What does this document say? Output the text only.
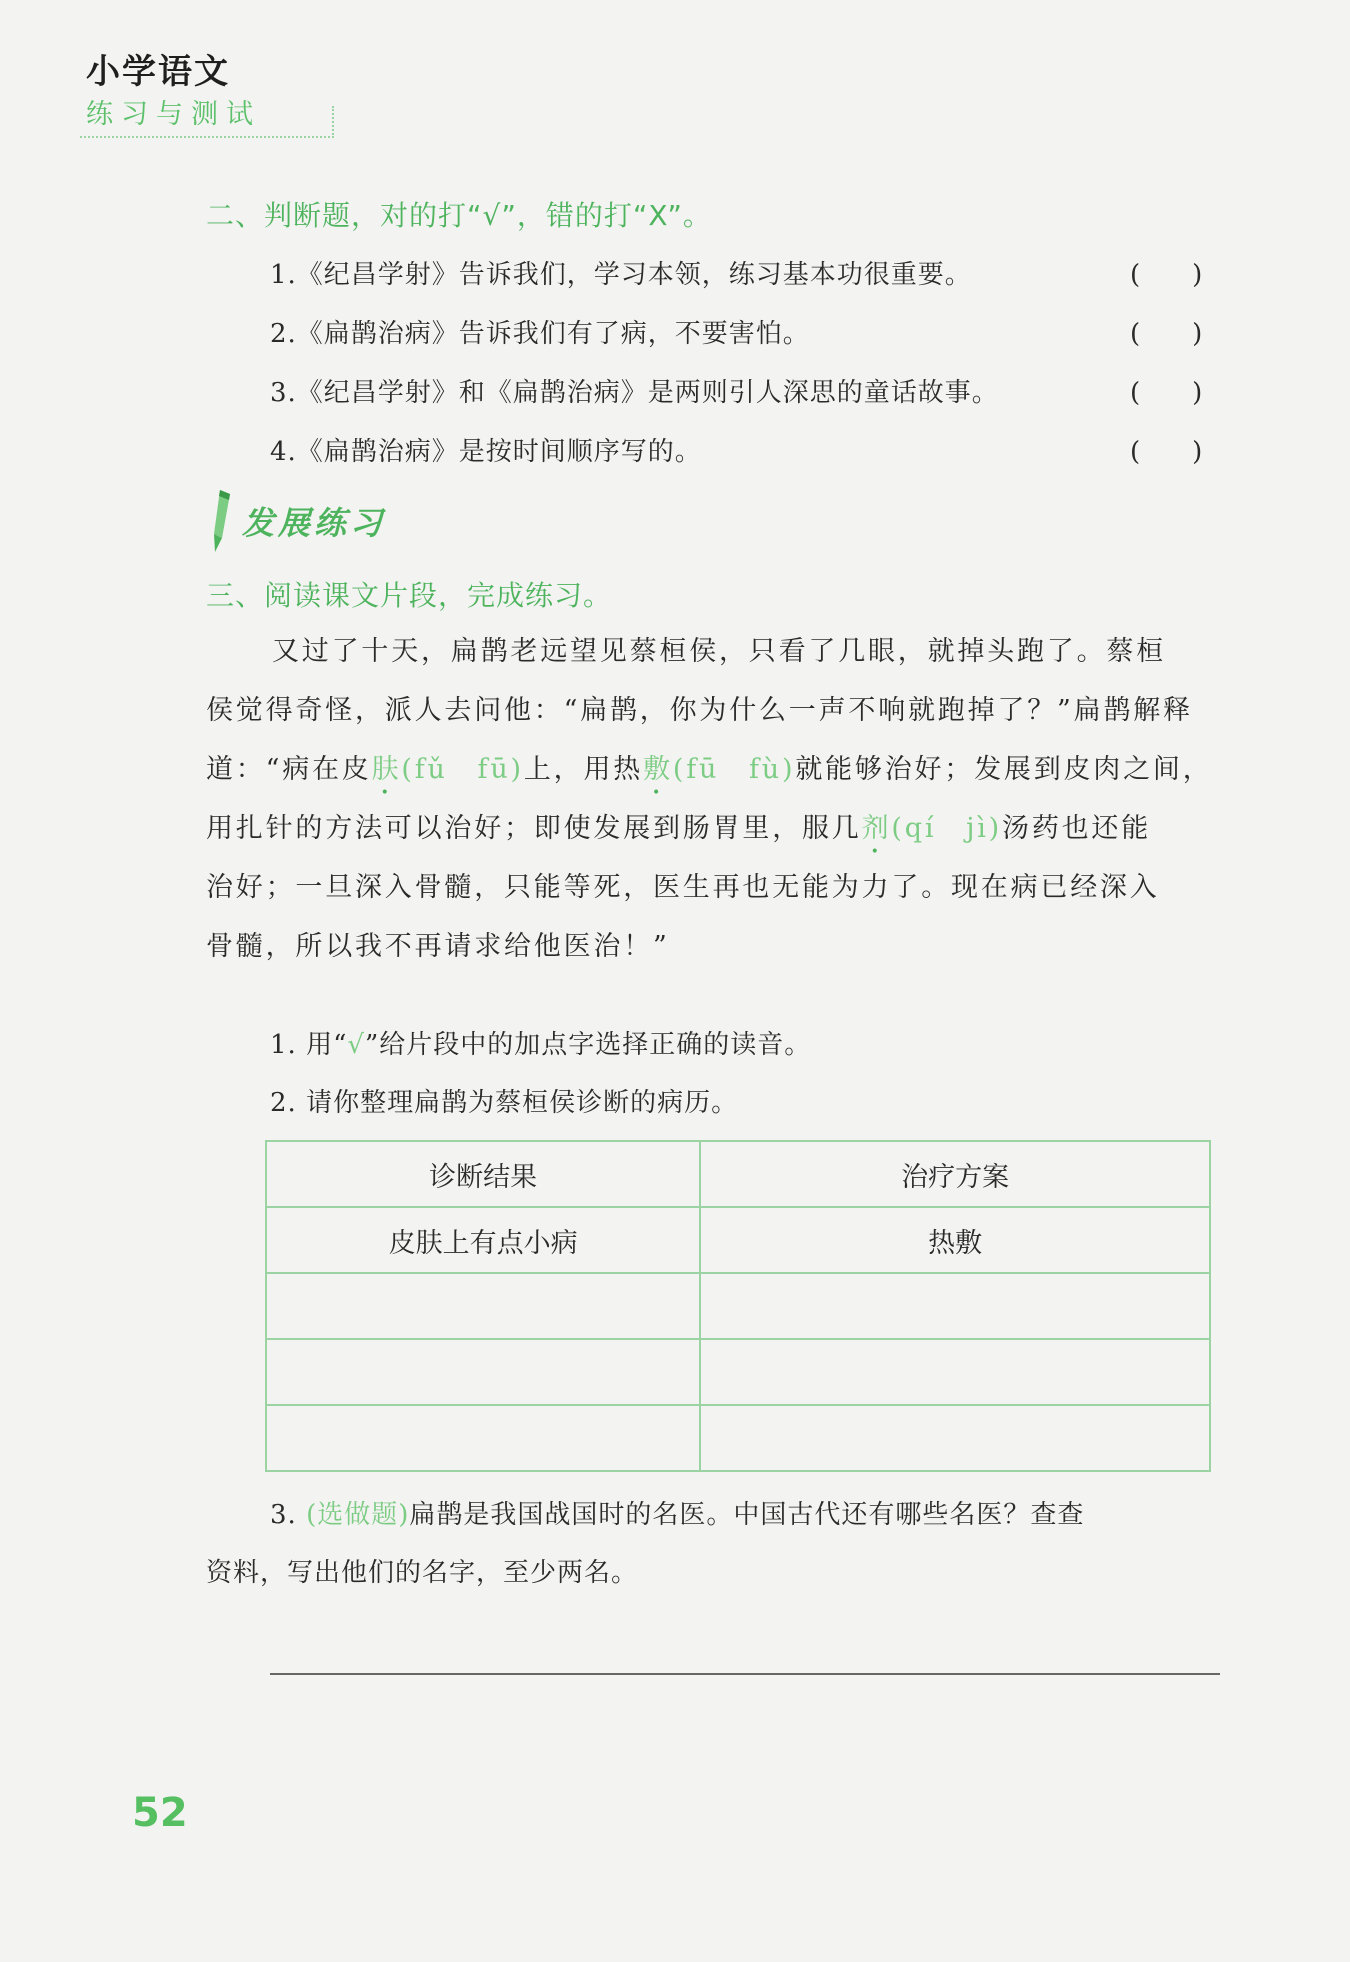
小学语文
练习与测试
二、判断题，对的打“√”，错的打“X”。
1.《纪昌学射》告诉我们，学习本领，练习基本功很重要。	(　　)
2.《扁鹊治病》告诉我们有了病，不要害怕。	(　　)
3.《纪昌学射》和《扁鹊治病》是两则引人深思的童话故事。	(　　)
4.《扁鹊治病》是按时间顺序写的。	(　　)
发展练习
三、阅读课文片段，完成练习。

又过了十天，扁鹊老远望见蔡桓侯，只看了几眼，就掉头跑了。蔡桓

侯觉得奇怪，派人去问他：“扁鹊，你为什么一声不响就跑掉了？”扁鹊解释

道：“病在皮肤(fǔ　fū)上，用热敷(fū　fù)就能够治好；发展到皮肉之间，

用扎针的方法可以治好；即使发展到肠胃里，服几剂(qí　jì)汤药也还能

治好；一旦深入骨髓，只能等死，医生再也无能为力了。现在病已经深入

骨髓，所以我不再请求给他医治！”

1. 用“√”给片段中的加点字选择正确的读音。
2. 请你整理扁鹊为蔡桓侯诊断的病历。
诊断结果	治疗方案
皮肤上有点小病	热敷

3. (选做题)扁鹊是我国战国时的名医。中国古代还有哪些名医？查查
资料，写出他们的名字，至少两名。
52
